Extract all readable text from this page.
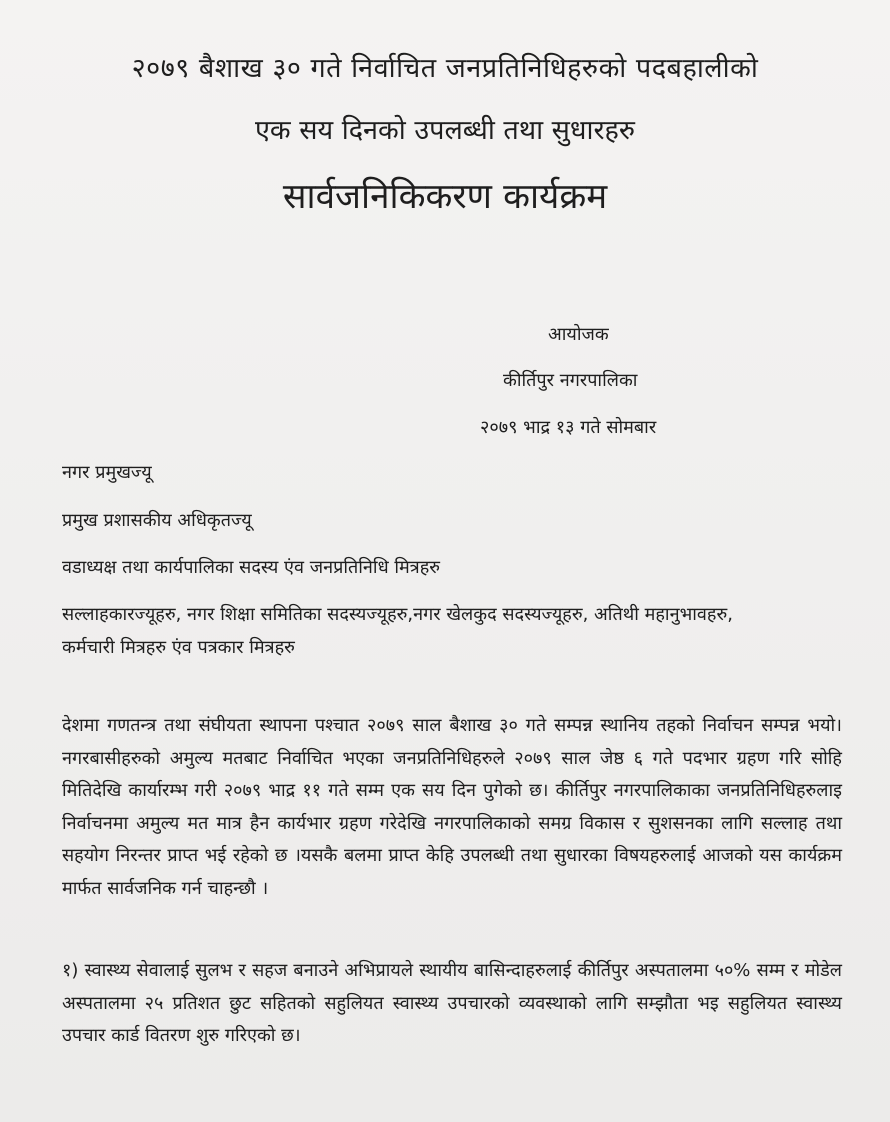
२०७९ बैशाख ३० गते निर्वाचित जनप्रतिनिधिहरुको पदबहालीको
एक सय दिनको उपलब्धी तथा सुधारहरु
सार्वजनिकिकरण कार्यक्रम
आयोजक
कीर्तिपुर नगरपालिका
२०७९ भाद्र १३ गते सोमबार
नगर प्रमुखज्यू
प्रमुख प्रशासकीय अधिकृतज्यू
वडाध्यक्ष तथा कार्यपालिका सदस्य एंव जनप्रतिनिधि मित्रहरु
सल्लाहकारज्यूहरु, नगर शिक्षा समितिका सदस्यज्यूहरु,नगर खेलकुद सदस्यज्यूहरु, अतिथी महानुभावहरु,
कर्मचारी मित्रहरु एंव पत्रकार मित्रहरु
देशमा गणतन्त्र तथा संघीयता स्थापना पश्चात २०७९ साल बैशाख ३० गते सम्पन्न स्थानिय तहको निर्वाचन सम्पन्न भयो। नगरबासीहरुको अमुल्य मतबाट निर्वाचित भएका जनप्रतिनिधिहरुले २०७९ साल जेष्ठ ६ गते पदभार ग्रहण गरि सोहि मितिदेखि कार्यारम्भ गरी २०७९ भाद्र ११ गते सम्म एक सय दिन पुगेको छ। कीर्तिपुर नगरपालिकाका जनप्रतिनिधिहरुलाइ निर्वाचनमा अमुल्य मत मात्र हैन कार्यभार ग्रहण गरेदेखि नगरपालिकाको समग्र विकास र सुशसनका लागि सल्लाह तथा सहयोग निरन्तर प्राप्त भई रहेको छ ।यसकै बलमा प्राप्त केहि उपलब्धी तथा सुधारका विषयहरुलाई आजको यस कार्यक्रम मार्फत सार्वजनिक गर्न चाहन्छौ ।
१) स्वास्थ्य सेवालाई सुलभ र सहज बनाउने अभिप्रायले स्थायीय बासिन्दाहरुलाई कीर्तिपुर अस्पतालमा ५०% सम्म र मोडेल अस्पतालमा २५ प्रतिशत छुट सहितको सहुलियत स्वास्थ्य उपचारको व्यवस्थाको लागि सम्झौता भइ सहुलियत स्वास्थ्य उपचार कार्ड वितरण शुरु गरिएको छ।
